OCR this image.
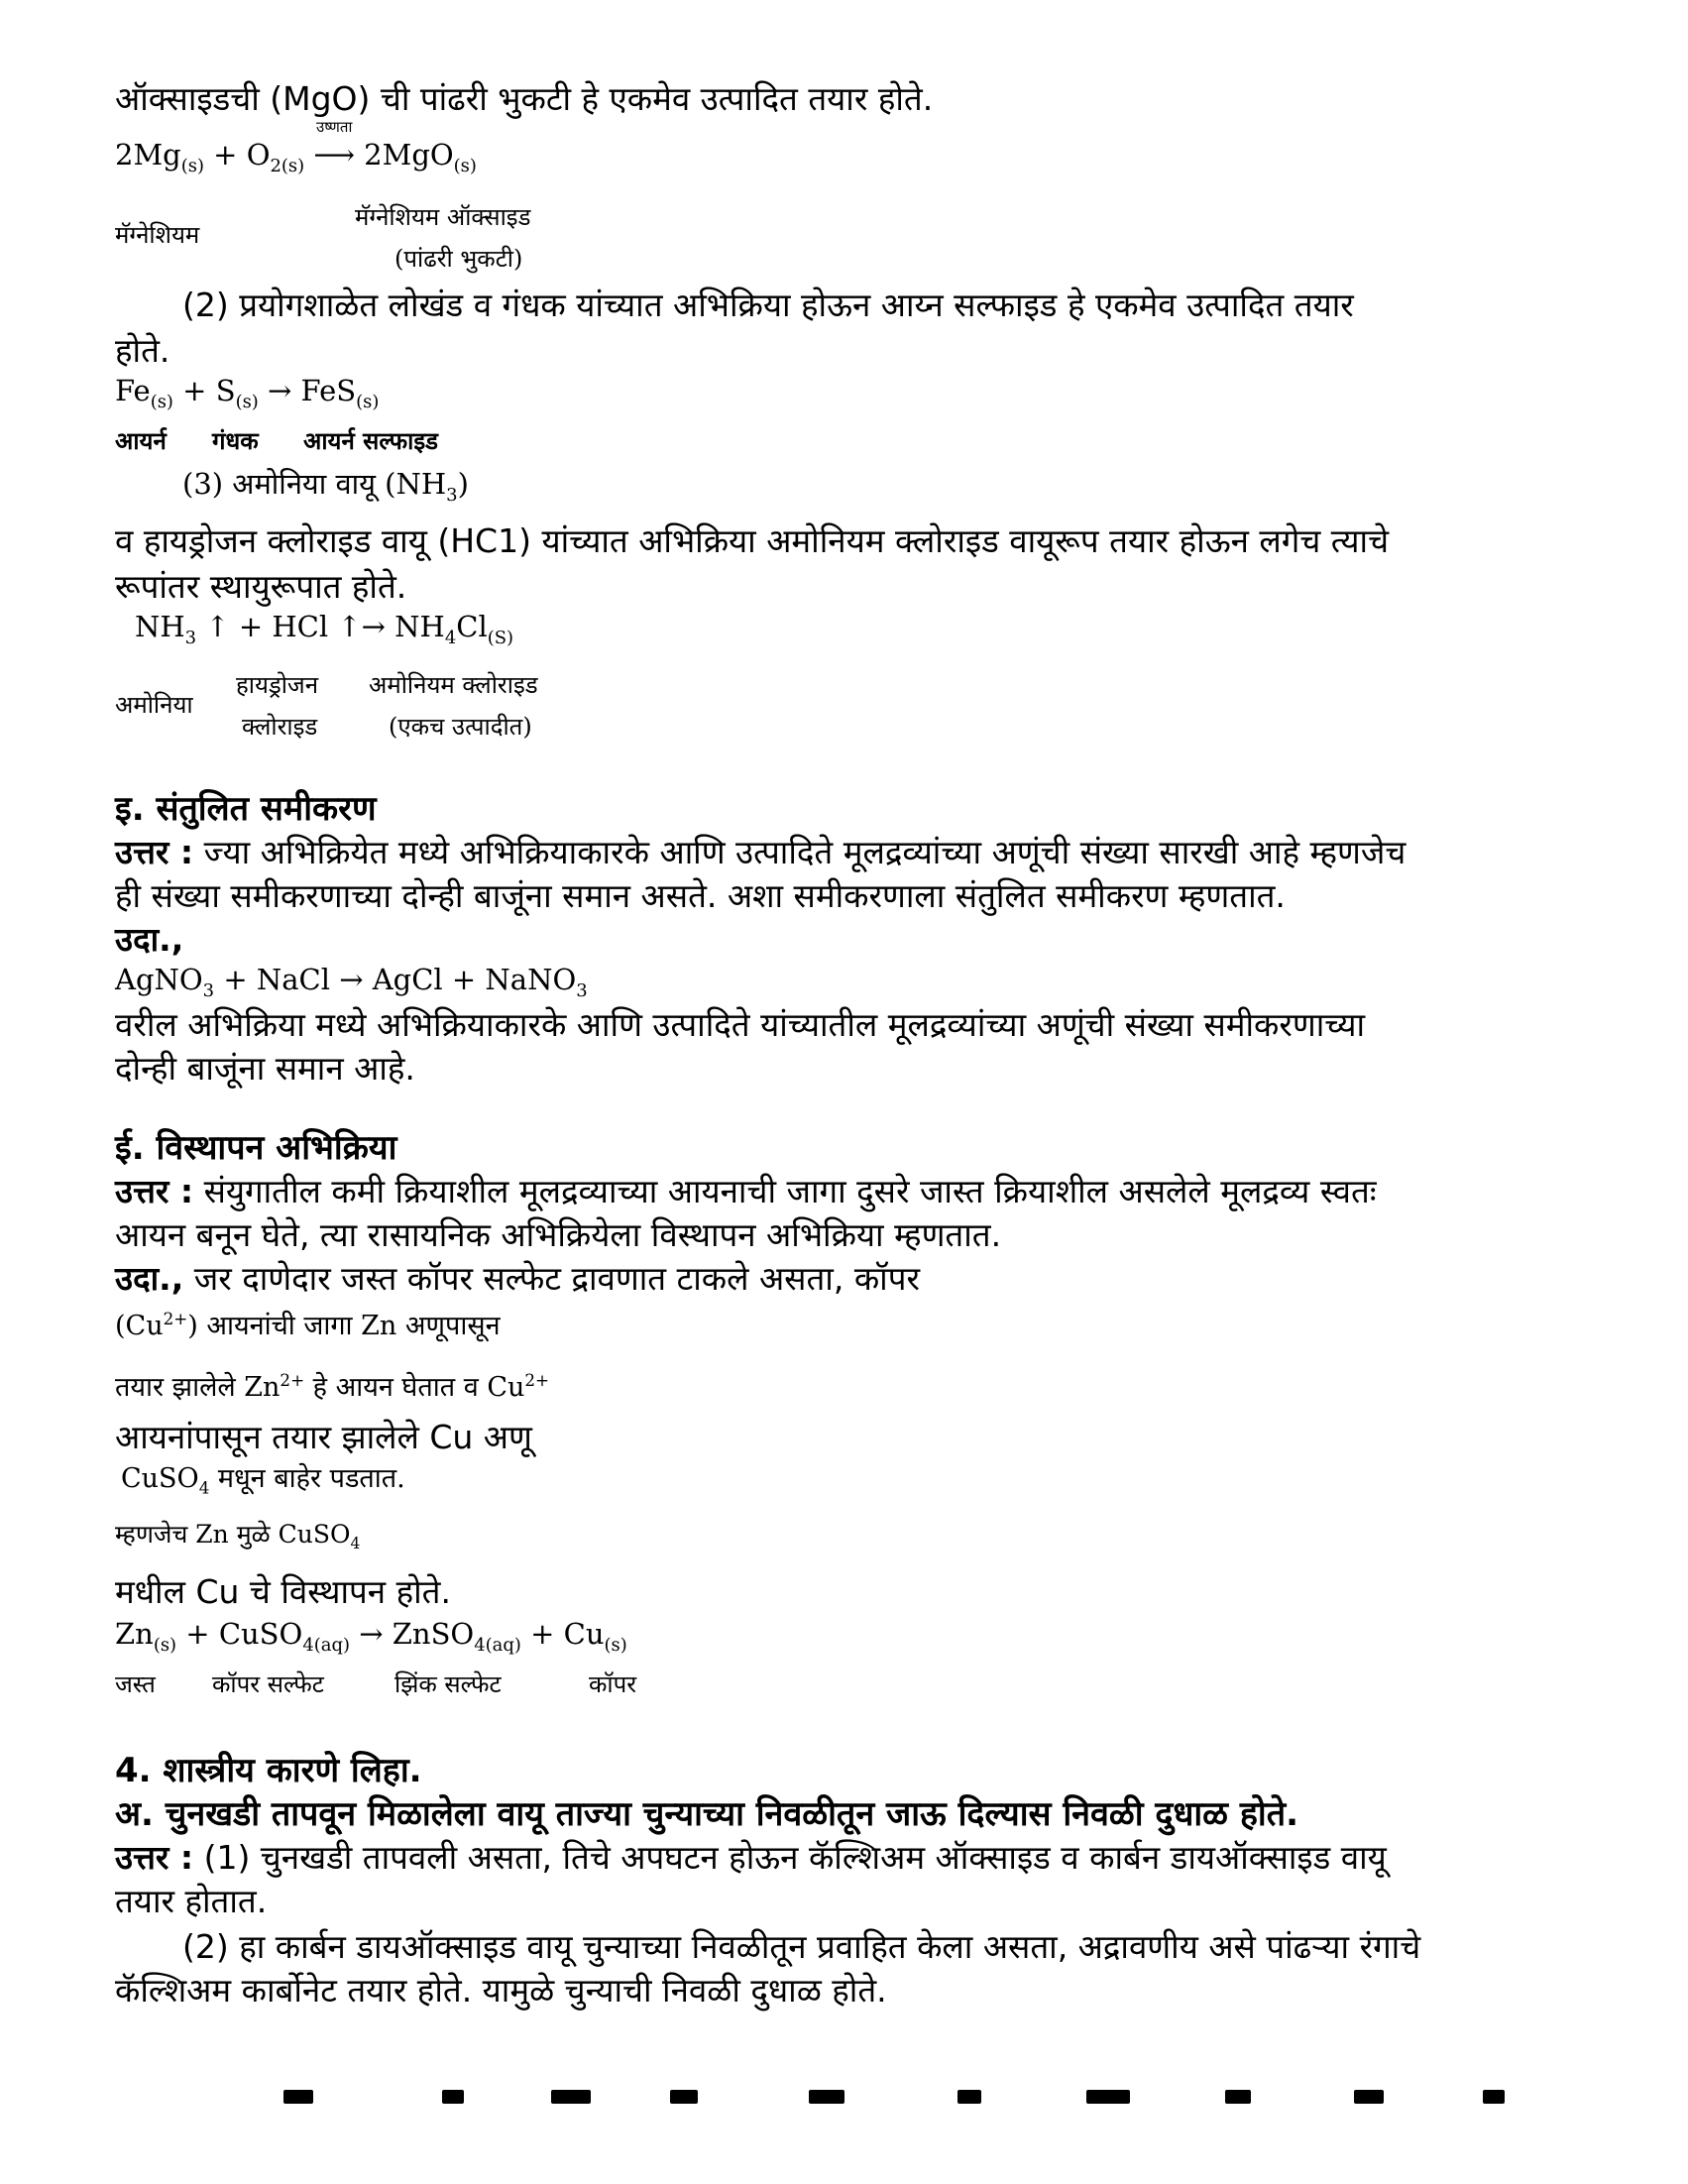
ऑक्साइडची (MgO) ची पांढरी भुकटी हे एकमेव उत्पादित तयार होते.
$2Mg_{(s)} + O_{2(s)}$
उष्णता
⟶ 2MgO$_{(s)}$
मॅग्नेशियम
मॅग्नेशियम ऑक्साइड
(पांढरी भुकटी)
(2) प्रयोगशाळेत लोखंड व गंधक यांच्यात अभिक्रिया होऊन आय्न सल्फाइड हे एकमेव उत्पादित तयार
होते.
$Fe_{(s)} + S_{(s)} \to FeS_{(s)}$
आयर्न गंधक आयर्न सल्फाइड
(3) अमोनिया वायू $(NH_3)$
व हायड्रोजन क्लोराइड वायू (HC1) यांच्यात अभिक्रिया अमोनियम क्लोराइड वायूरूप तयार होऊन लगेच त्याचे
रूपांतर स्थायुरूपात होते.
$NH_3$ ↑ + HCl ↑→ $NH_4Cl_{(S)}$
अमोनिया
हायड्रोजन
क्लोराइड
अमोनियम क्लोराइड
(एकच उत्पादीत)
इ. संतुलित समीकरण
उत्तर : ज्या अभिक्रियेत मध्ये अभिक्रियाकारके आणि उत्पादिते मूलद्रव्यांच्या अणूंची संख्या सारखी आहे म्हणजेच
ही संख्या समीकरणाच्या दोन्ही बाजूंना समान असते. अशा समीकरणाला संतुलित समीकरण म्हणतात.
उदा.,
AgNO$_3$ + NaCl → AgCl + NaNO$_3$
वरील अभिक्रिया मध्ये अभिक्रियाकारके आणि उत्पादिते यांच्यातील मूलद्रव्यांच्या अणूंची संख्या समीकरणाच्या
दोन्ही बाजूंना समान आहे.
ई. विस्थापन अभिक्रिया
उत्तर : संयुगातील कमी क्रियाशील मूलद्रव्याच्या आयनाची जागा दुसरे जास्त क्रियाशील असलेले मूलद्रव्य स्वतः
आयन बनून घेते, त्या रासायनिक अभिक्रियेला विस्थापन अभिक्रिया म्हणतात.
उदा., जर दाणेदार जस्त कॉपर सल्फेट द्रावणात टाकले असता, कॉपर
$(Cu^{2+})$ आयनांची जागा Zn अणूपासून
तयार झालेले $Zn^{2+}$ हे आयन घेतात व $Cu^{2+}$
आयनांपासून तयार झालेले Cu अणू
CuSO$_4$ मधून बाहेर पडतात.
म्हणजेच Zn मुळे CuSO$_4$
मधील Cu चे विस्थापन होते.
$Zn_{(s)}$ + CuSO$_{4(aq)}$ → ZnSO$_{4(aq)}$ + $Cu_{(s)}$
जस्त कॉपर सल्फेट	झिंक सल्फेट	कॉपर
4. शास्त्रीय कारणे लिहा.
अ. चुनखडी तापवून मिळालेला वायू ताज्या चुन्याच्या निवळीतून जाऊ दिल्यास निवळी दुधाळ होते.
उत्तर : (1) चुनखडी तापवली असता, तिचे अपघटन होऊन कॅल्शिअम ऑक्साइड व कार्बन डायऑक्साइड वायू
तयार होतात.
(2) हा कार्बन डायऑक्साइड वायू चुन्याच्या निवळीतून प्रवाहित केला असता, अद्रावणीय असे पांढऱ्या रंगाचे
कॅल्शिअम कार्बोनेट तयार होते. यामुळे चुन्याची निवळी दुधाळ होते.
